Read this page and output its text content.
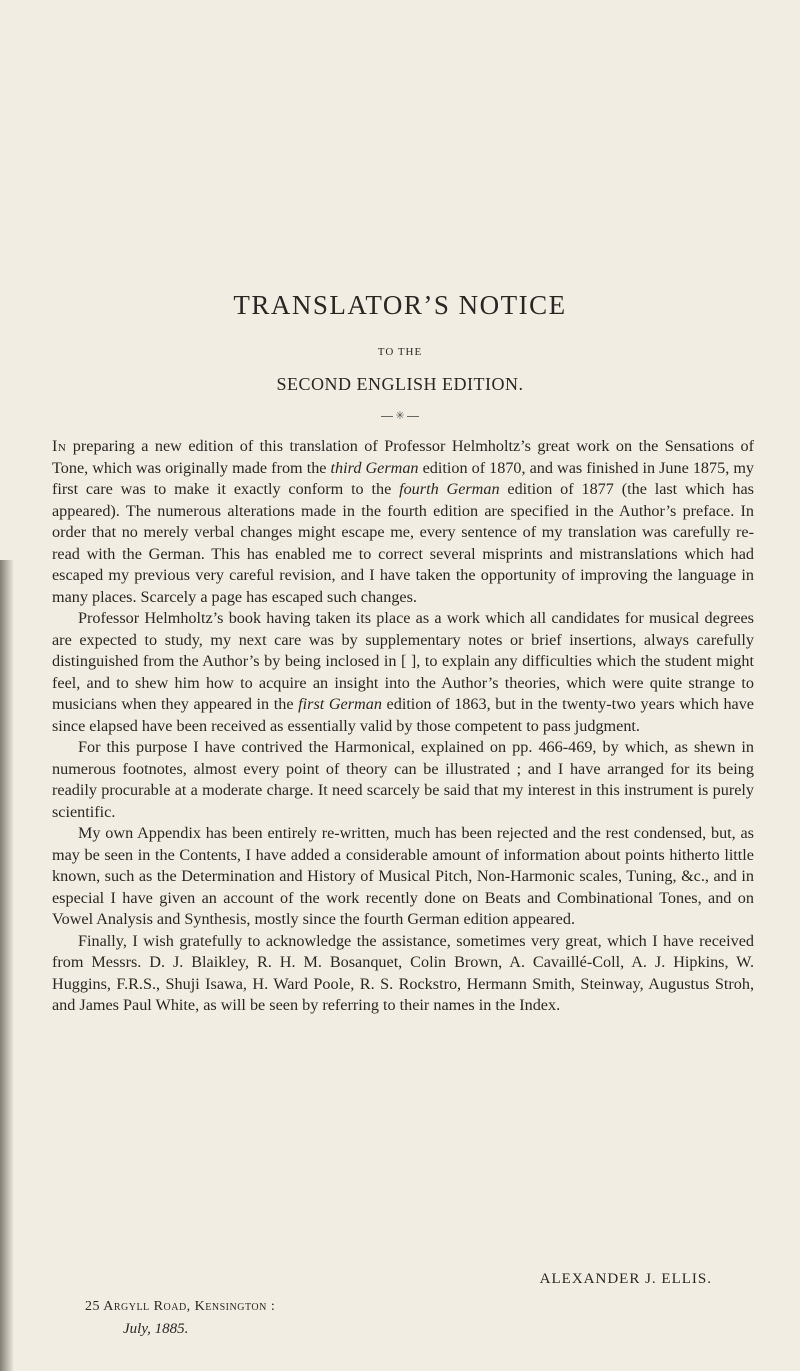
TRANSLATOR’S NOTICE
TO THE
SECOND ENGLISH EDITION.
✳

In preparing a new edition of this translation of Professor Helmholtz’s great work on the Sensations of Tone, which was originally made from the third German edition of 1870, and was finished in June 1875, my first care was to make it exactly conform to the fourth German edition of 1877 (the last which has appeared). The numerous alterations made in the fourth edition are specified in the Author’s preface. In order that no merely verbal changes might escape me, every sentence of my translation was carefully re-read with the German. This has enabled me to correct several misprints and mistranslations which had escaped my previous very careful revision, and I have taken the opportunity of improving the language in many places. Scarcely a page has escaped such changes.

Professor Helmholtz’s book having taken its place as a work which all candidates for musical degrees are expected to study, my next care was by supplementary notes or brief insertions, always carefully distinguished from the Author’s by being inclosed in [ ], to explain any difficulties which the student might feel, and to shew him how to acquire an insight into the Author’s theories, which were quite strange to musicians when they appeared in the first German edition of 1863, but in the twenty-two years which have since elapsed have been received as essentially valid by those competent to pass judgment.

For this purpose I have contrived the Harmonical, explained on pp. 466-469, by which, as shewn in numerous footnotes, almost every point of theory can be illustrated ; and I have arranged for its being readily procurable at a moderate charge. It need scarcely be said that my interest in this instrument is purely scientific.

My own Appendix has been entirely re-written, much has been rejected and the rest condensed, but, as may be seen in the Contents, I have added a considerable amount of information about points hitherto little known, such as the Determination and History of Musical Pitch, Non-Harmonic scales, Tuning, &c., and in especial I have given an account of the work recently done on Beats and Combinational Tones, and on Vowel Analysis and Synthesis, mostly since the fourth German edition appeared.

Finally, I wish gratefully to acknowledge the assistance, sometimes very great, which I have received from Messrs. D. J. Blaikley, R. H. M. Bosanquet, Colin Brown, A. Cavaillé-Coll, A. J. Hipkins, W. Huggins, F.R.S., Shuji Isawa, H. Ward Poole, R. S. Rockstro, Hermann Smith, Steinway, Augustus Stroh, and James Paul White, as will be seen by referring to their names in the Index.

ALEXANDER J. ELLIS.
25 Argyll Road, Kensington :
July, 1885.
